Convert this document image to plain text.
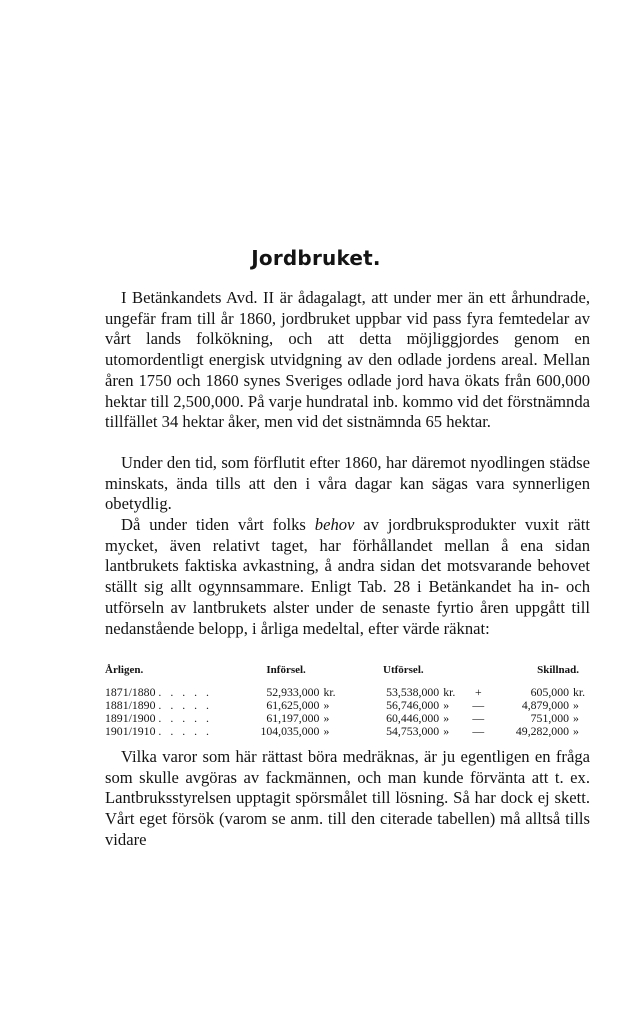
Jordbruket.

I Betänkandets Avd. II är ådagalagt, att under mer än ett århundrade, ungefär fram till år 1860, jordbruket uppbar vid pass fyra femtedelar av vårt lands folkökning, och att detta möjliggjordes genom en utomordentligt energisk utvidgning av den odlade jordens areal. Mellan åren 1750 och 1860 synes Sveriges odlade jord hava ökats från 600,000 hektar till 2,500,000. På varje hundratal inb. kommo vid det förstnämnda tillfället 34 hektar åker, men vid det sistnämnda 65 hektar.

Under den tid, som förflutit efter 1860, har däremot nyodlingen städse minskats, ända tills att den i våra dagar kan sägas vara synnerligen obetydlig.

Då under tiden vårt folks behov av jordbruksprodukter vuxit rätt mycket, även relativt taget, har förhållandet mellan å ena sidan lantbrukets faktiska avkastning, å andra sidan det motsvarande behovet ställt sig allt ogynnsammare. Enligt Tab. 28 i Betänkandet ha in- och utförseln av lantbrukets alster under de senaste fyrtio åren uppgått till nedanstående belopp, i årliga medeltal, efter värde räknat:

Årligen.	Införsel.	Utförsel.		Skillnad.
1871/1880 . . . . .	52,933,000 kr.	53,538,000 kr.	+	605,000 kr.
1881/1890 . . . . .	61,625,000 »	56,746,000 »	—	4,879,000 »
1891/1900 . . . . .	61,197,000 »	60,446,000 »	—	751,000 »
1901/1910 . . . . .	104,035,000 »	54,753,000 »	—	49,282,000 »

Vilka varor som här rättast böra medräknas, är ju egentligen en fråga som skulle avgöras av fackmännen, och man kunde förvänta att t. ex. Lantbruksstyrelsen upptagit spörsmålet till lösning. Så har dock ej skett. Vårt eget försök (varom se anm. till den citerade tabellen) må alltså tills vidare
